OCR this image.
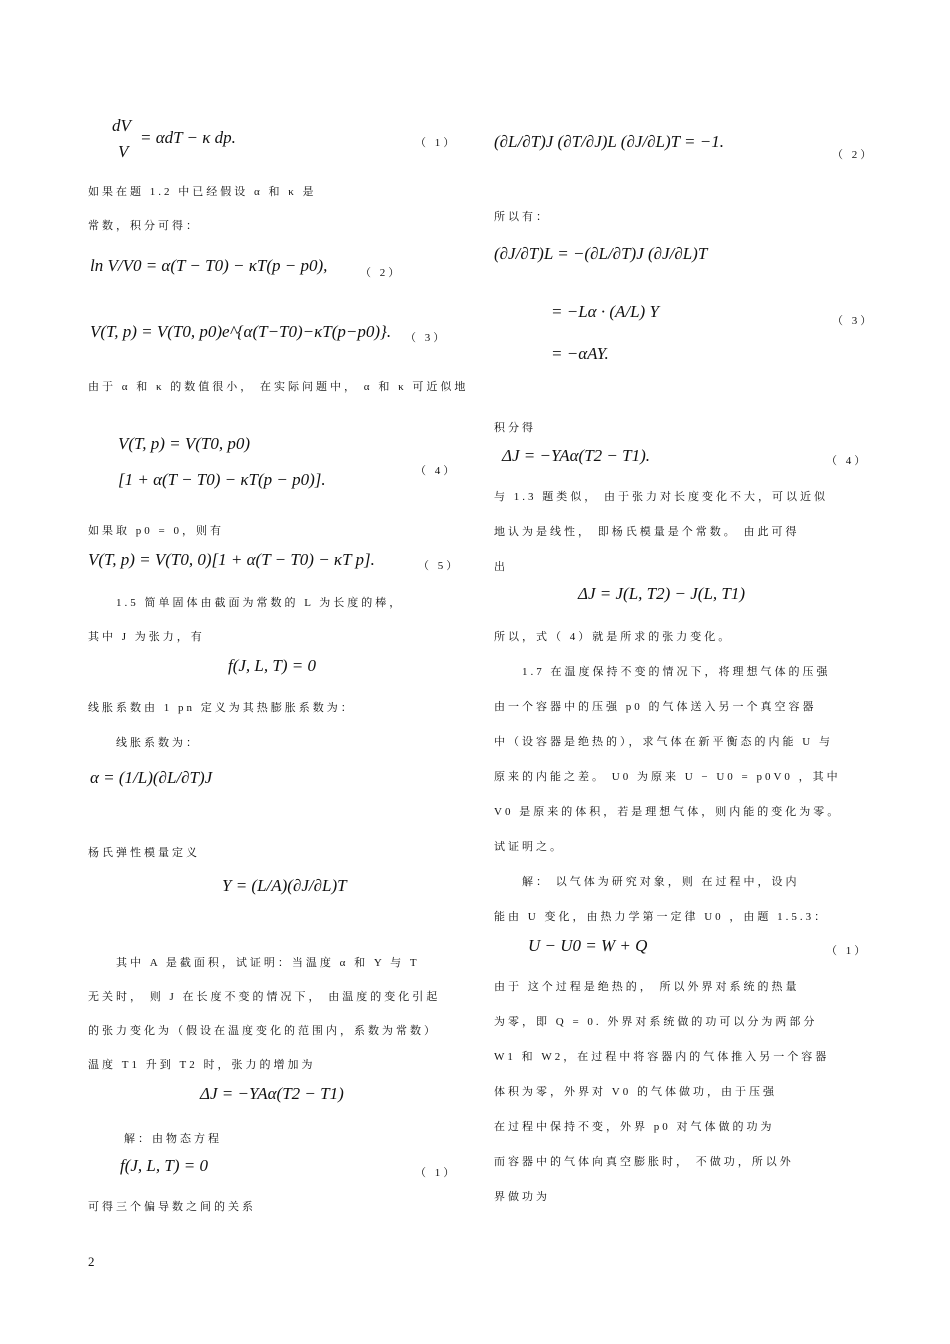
dV
= αdT − κ dp.
V	（ 1）
如果在题 1.2 中已经假设 α 和 κ 是
常数，积分可得：
ln V/V0 = α(T − T0) − κT(p − p0),	（ 2）
V(T, p) = V(T0, p0)e^{α(T−T0)−κT(p−p0)}. （ 3）
由于 α 和 κ 的数值很小， 在实际问题中， α 和 κ 可近似地
V(T, p) = V(T0, p0)
[1 + α(T − T0) − κT(p − p0)].	（ 4）
如果取 p0 = 0，则有
V(T, p) = V(T0, 0)[1 + α(T − T0) − κT p].	（ 5）
1.5 简单固体由截面为常数的 L 为长度的棒，
其中 J 为张力，有
f(J, L, T) = 0
线胀系数由 1 pn 定义为其热膨胀系数为：
线胀系数为：
α = (1/L)(∂L/∂T)J
杨氏弹性模量定义
Y = (L/A)(∂J/∂L)T
其中 A 是截面积，试证明：当温度 α 和 Y 与 T
无关时， 则 J 在长度不变的情况下， 由温度的变化引起
的张力变化为（假设在温度变化的范围内，系数为常数）
温度 T1 升到 T2 时，张力的增加为
ΔJ = −YAα(T2 − T1)
解：由物态方程
f(J, L, T) = 0	（ 1）
可得三个偏导数之间的关系
(∂L/∂T)J (∂T/∂J)L (∂J/∂L)T = −1.
（ 2）
所以有：
(∂J/∂T)L = −(∂L/∂T)J (∂J/∂L)T
= −Lα · (A/L) Y
= −αAY.
（ 3）
积分得
ΔJ = −YAα(T2 − T1).	（ 4）
与 1.3 题类似， 由于张力对长度变化不大，可以近似
地认为是线性， 即杨氏模量是个常数。 由此可得
出
ΔJ = J(L, T2) − J(L, T1)
所以，式（ 4）就是所求的张力变化。
1.7 在温度保持不变的情况下，将理想气体的压强
由一个容器中的压强 p0 的气体送入另一个真空容器
中（设容器是绝热的），求气体在新平衡态的内能 U 与
原来的内能之差。 U0 为原来 U − U0 = p0V0 ，其中
V0 是原来的体积，若是理想气体，则内能的变化为零。
试证明之。
解： 以气体为研究对象，则 在过程中，设内
能由 U 变化，由热力学第一定律 U0 ，由题 1.5.3：
U − U0 = W + Q	（ 1）
由于 这个过程是绝热的， 所以外界对系统的热量
为零，即 Q = 0. 外界对系统做的功可以分为两部分
W1 和 W2，在过程中将容器内的气体推入另一个容器
体积为零，外界对 V0 的气体做功，由于压强
在过程中保持不变，外界 p0 对气体做的功为
而容器中的气体向真空膨胀时， 不做功，所以外
界做功为
2
